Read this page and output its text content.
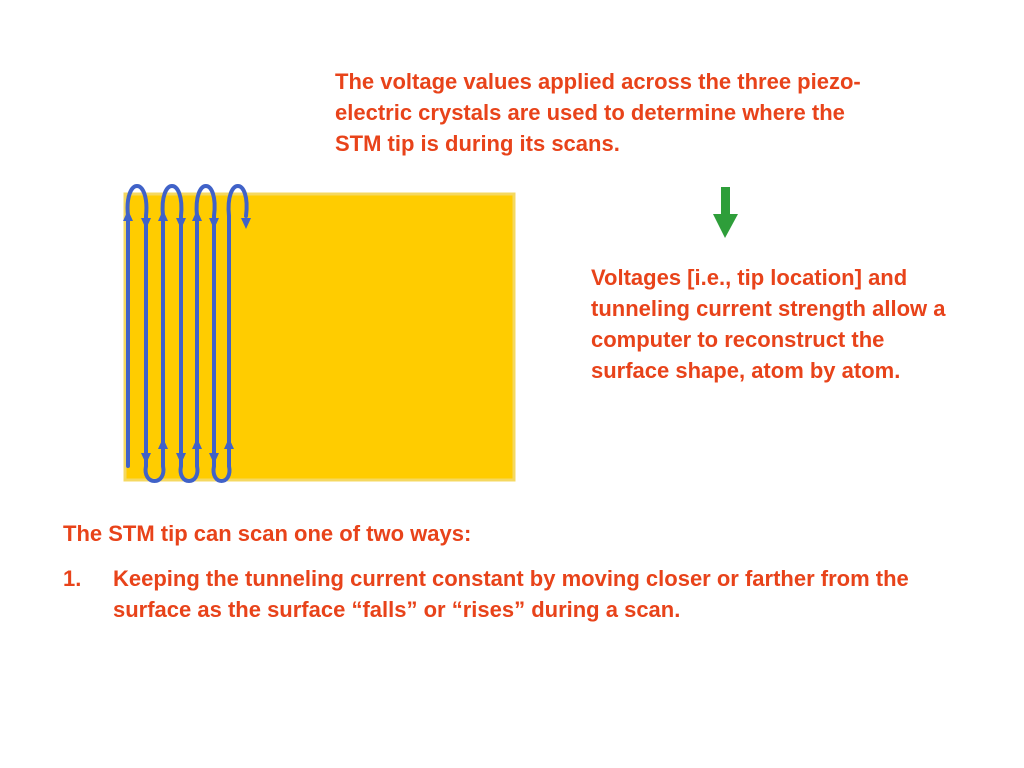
The voltage values applied across the three piezo-electric crystals are used to determine where the STM tip is during its scans.
Voltages [i.e., tip location] and tunneling current strength allow a computer to reconstruct the surface shape, atom by atom.
The STM tip can scan one of two ways:
1. Keeping the tunneling current constant by moving closer or farther from the surface as the surface “falls” or “rises” during a scan.
